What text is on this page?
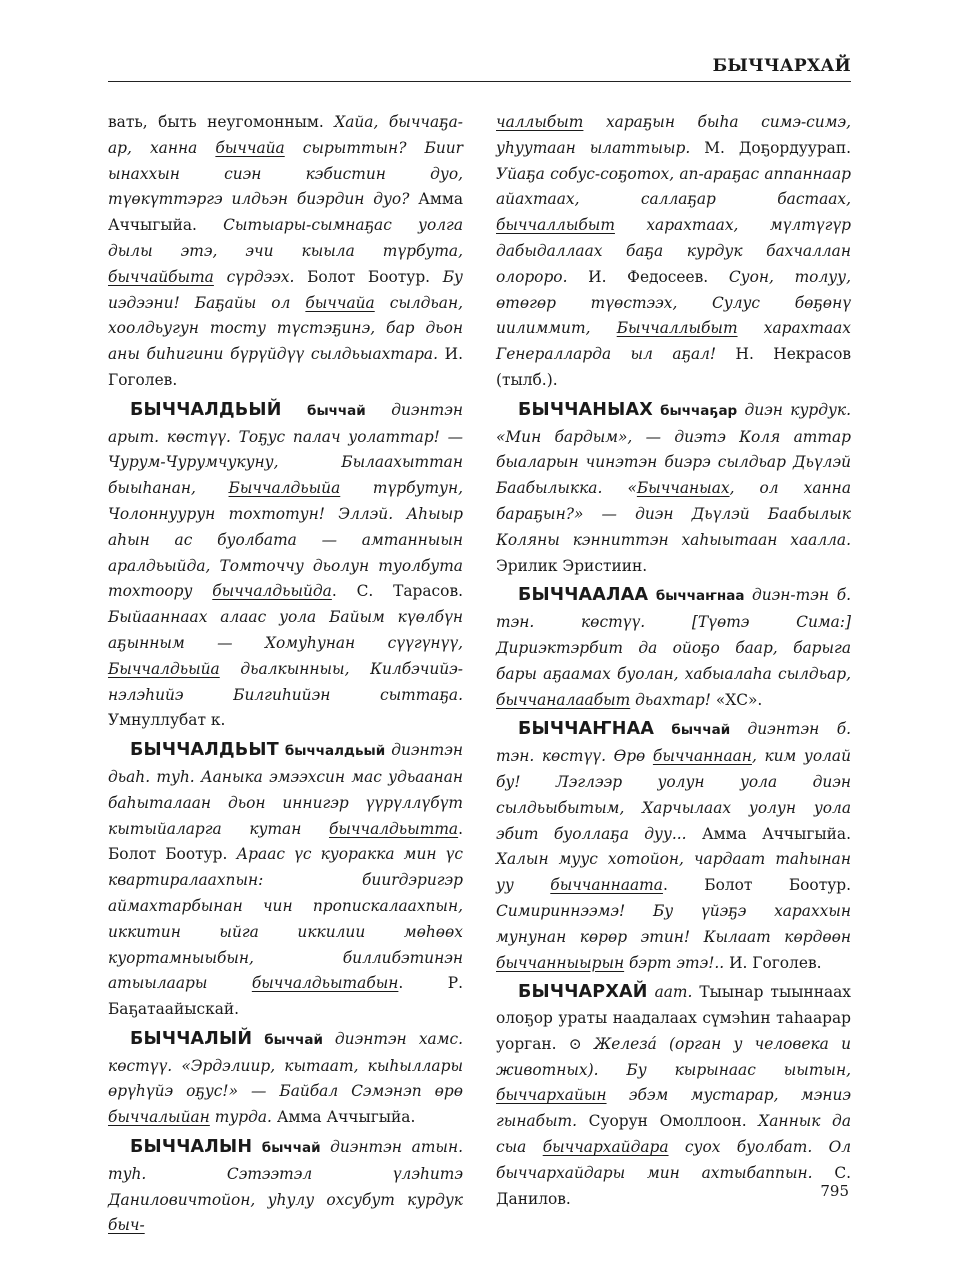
БЫЧЧАРХАЙ

вать, быть неугомонным. Хайа, быччаҕа-ар, ханна быччайа сырыттын? Бииr ынаххын сиэн кэбистин дуо, түөкүттэргэ илдьэн биэрдин дуо? Амма Аччыгыйа. Сытыары-сымнаҕас уолга дылы этэ, эчи кыыла түрбута, быччайбыта сүрдээх. Болот Боотур. Бу иэдээни! Баҕайы ол быччайа сылдьан, хоолдьугун тосту түстэҕинэ, бар дьон аны биһигини бүрүйдүү сылдьыахтара. И. Гоголев.

БЫЧЧАЛДЬЫЙ быччай диэнтэн арыт. көстүү. Тоҕус палач уолаттар! — Чурум-Чурумчукуну, Былаахыттан быыһанан, Быччалдьыйа түрбутун, Чолоннуурун тохтотун! Эллэй. Аһыыр аһын ас буолбата — амтанныын аралдьыйда, Томточчу дьолун туолбута тохтоору быччалдьыйда. С. Тарасов. Быйааннаах алаас уола Байым күөлбүн аҕынным — Хомуһунан сүүгүнүү, Быччалдьыйа дьалкынныы, Килбэчийэ-нэлэһийэ Билгиһийэн сыттаҕа. Умнуллубат к.

БЫЧЧАЛДЬЫТ быччалдьый диэнтэн дьаһ. туһ. Ааныка эмээхсин мас удьаанан баһыталаан дьон иннигэр үүрүллүбүт кытыйаларга кутан быччалдьытта. Болот Боотур. Араас үс куоракка мин үс квартиралаахпын: бииrдэригэр аймахтарбынан чин пропискалаахпын, иккитин ыйга иккилии мөһөөх куортамныыбын, биллибэтинэн атыылаары быччалдьытабын. Р. Баҕатаайыскай.

БЫЧЧАЛЫЙ быччай диэнтэн хамс. көстүү. «Эрдэлиир, кытаат, кыһыллары өрүһүйэ оҕус!» — Байбал Сэмэнэп өрө быччалыйан турда. Амма Аччыгыйа.

БЫЧЧАЛЫН быччай диэнтэн атын. туһ. Сэтээтэл үлэһитэ Даниловичтойон, уһулу охсубут курдук быч-

чаллыбыт хараҕын быһа симэ-симэ, уһуутаан ылаттыыр. М. Доҕордуурап. Уйаҕа собус-соҕотох, ап-араҕас аппаннаар айахтаах, саллаҕар бастаах, быччаллыбыт харахтаах, мүлтүгүр дабыдаллаах баҕа курдук бахчаллан олороро. И. Федосеев. Суон, толуу, өтөгөр түөстээх, Сулус бөҕөнү иилиммит, Быччаллыбыт харахтаах Генералларда ыл аҕал! Н. Некрасов (тылб.).

БЫЧЧАНЫАХ быччаҕар диэн курдук. «Мин бардым», — диэтэ Коля аттар быаларын чинэтэн биэрэ сылдьар Дьүлэй Баабылыкка. «Быччаныах, ол ханна бараҕын?» — диэн Дьүлэй Баабылык Коляны кэнниттэн хаһыытаан хаалла. Эрилик Эристиин.

БЫЧЧААЛАА быччаҥнаа диэн-тэн б. тэн. көстүү. [Түөтэ Сима:] Дириэктэрбит да ойоҕо баар, барыга бары аҕаамах буолан, хабыалаһа сылдьар, быччаналаабыт дьахтар! «ХС».

БЫЧЧАҤНАА быччай диэнтэн б. тэн. көстүү. Өрө быччаннаан, ким уолай бу! Лэглээр уолун уола диэн сылдьыбытым, Харчылаах уолун уола эбит буоллаҕа дуу... Амма Аччыгыйа. Халын муус хотойон, чардаат таһынан уу быччаннаата. Болот Боотур. Симириннээмэ! Бу үйэҕэ хараххын мунунан көрөр этин! Кылаат көрдөөн быччанныырын бэрт этэ!.. И. Гоголев.

БЫЧЧАРХАЙ аат. Тыынар тыыннаах олоҕор ураты наадалаах сүмэһин таһаарар уорган. ⊙ Железа́ (орган у человека и животных). Бу кырынаас ыытын, быччархайын эбэм мустарар, мэниэ гынабыт. Суорун Омоллоон. Ханнык да сыа быччархайдара суох буолбат. Ол быччархайдары мин ахтыбаппын. С. Данилов.	795
